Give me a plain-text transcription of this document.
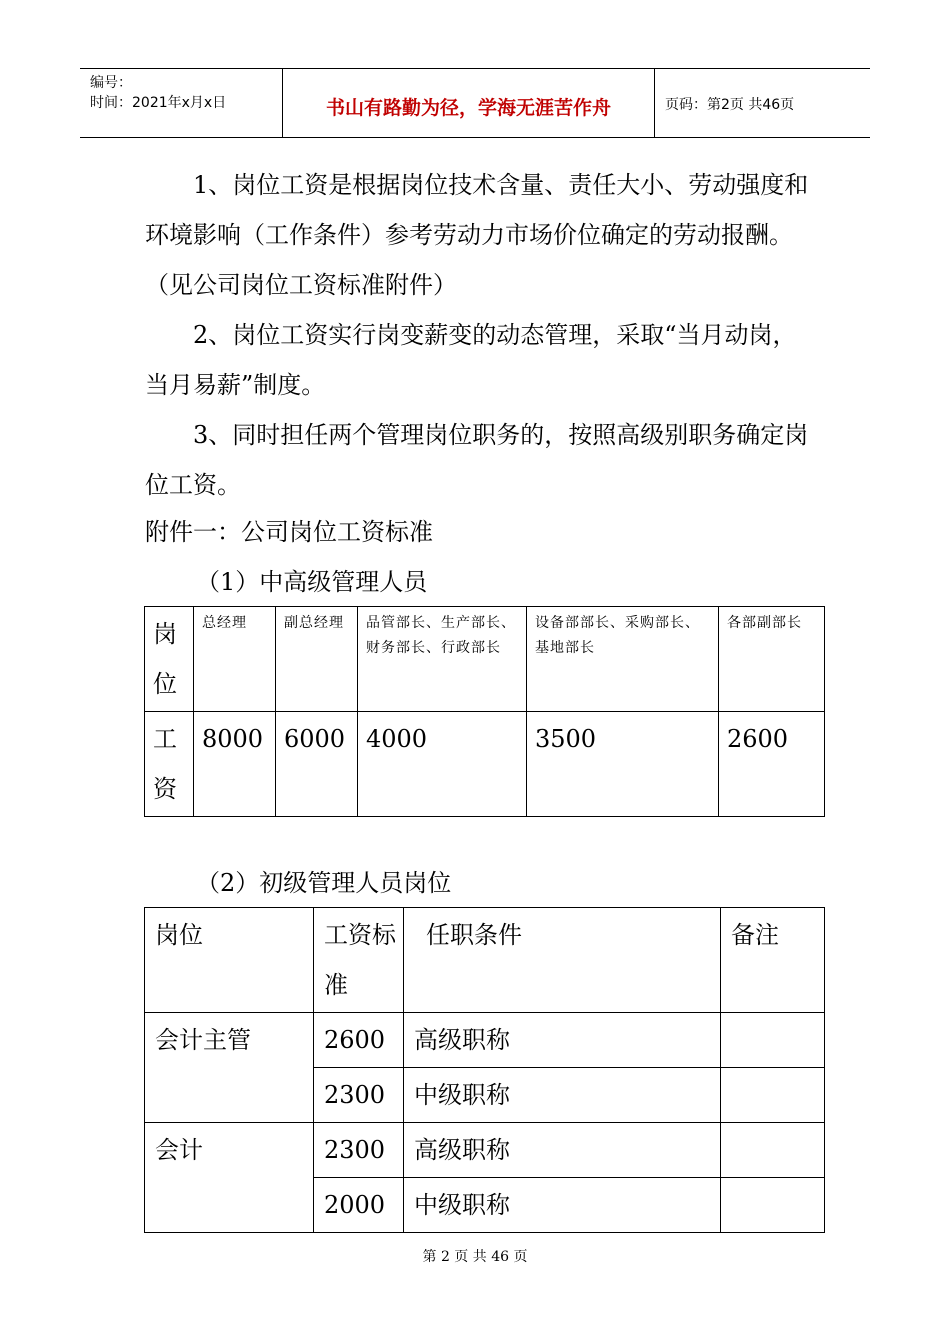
编号：
时间：2021年x月x日	书山有路勤为径，学海无涯苦作舟	页码：第2页 共46页

1、岗位工资是根据岗位技术含量、责任大小、劳动强度和环境影响（工作条件）参考劳动力市场价位确定的劳动报酬。（见公司岗位工资标准附件）

2、岗位工资实行岗变薪变的动态管理，采取“当月动岗，当月易薪”制度。

3、同时担任两个管理岗位职务的，按照高级别职务确定岗位工资。

附件一：公司岗位工资标准
（1）中高级管理人员
岗位	总经理	副总经理	品管部长、生产部长、财务部长、行政部长	设备部部长、采购部长、基地部长	各部副部长
工资	8000	6000	4000	3500	2600
（2）初级管理人员岗位
岗位	工资标准	任职条件	备注
会计主管	2600	高级职称	
	2300	中级职称	
会计	2300	高级职称	
	2000	中级职称	
第 2 页 共 46 页
